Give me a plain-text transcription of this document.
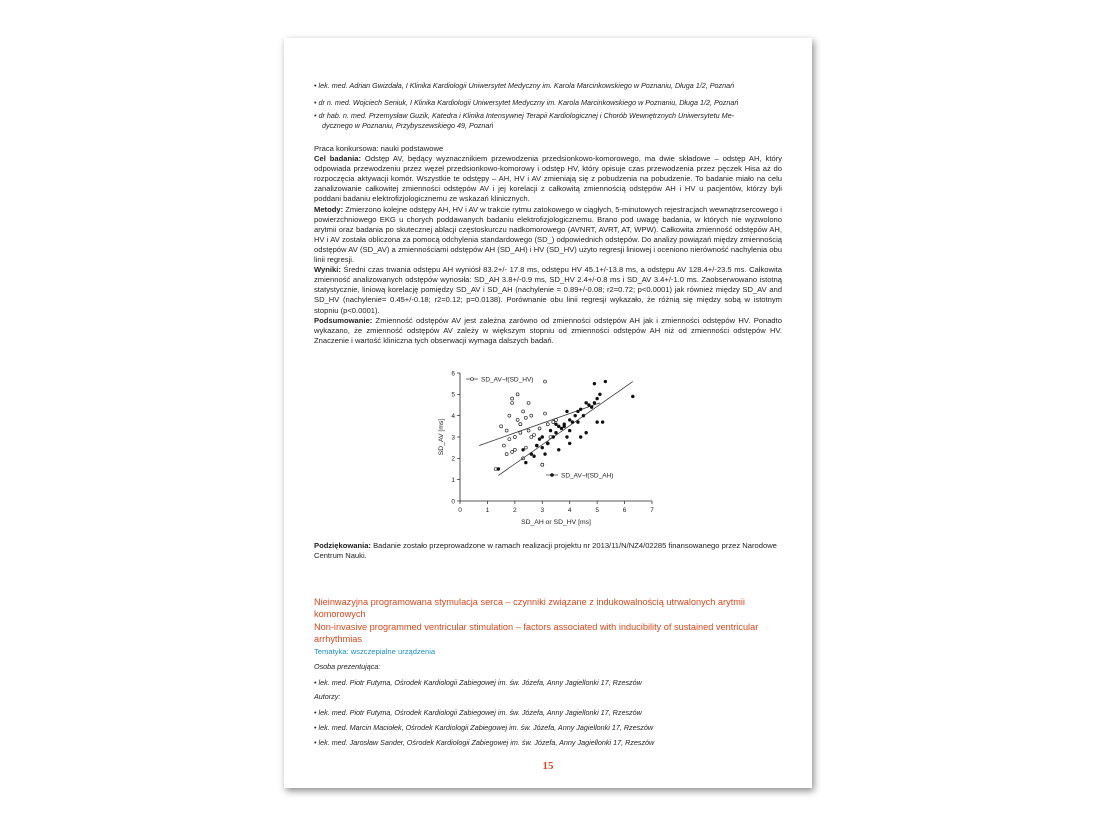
• lek. med. Adrian Gwizdała, I Klinika Kardiologii Uniwersytet Medyczny im. Karola Marcinkowskiego w Poznaniu, Długa 1/2, Poznań
• dr n. med. Wojciech Seniuk, I Klinika Kardiologii Uniwersytet Medyczny im. Karola Marcinkowskiego w Poznaniu, Długa 1/2, Poznań
• dr hab. n. med. Przemysław Guzik, Katedra i Klinika Intensywnej Terapii Kardiologicznej i Chorób Wewnętrznych Uniwersytetu Me-
dycznego w Poznaniu, Przybyszewskiego 49, Poznań

Praca konkursowa: nauki podstawowe

Cel badania: Odstęp AV, będący wyznacznikiem przewodzenia przedsionkowo-komorowego, ma dwie składowe – odstęp AH, który odpowiada przewodzeniu przez węzeł przedsionkowo-komorowy i odstęp HV, który opisuje czas przewodzenia przez pęczek Hisa aż do rozpoczęcia aktywacji komór. Wszystkie te odstępy – AH, HV i AV zmieniają się z pobudzenia na pobudzenie. To badanie miało na celu zanalizowanie całkowitej zmienności odstępów AV i jej korelacji z całkowitą zmiennością odstępów AH i HV u pacjentów, którzy byli poddani badaniu elektrofizjologicznemu ze wskazań klinicznych.

Metody: Zmierzono kolejne odstępy AH, HV i AV w trakcie rytmu zatokowego w ciągłych, 5-minutowych rejestracjach wewnątrzsercowego i powierzchniowego EKG u chorych poddawanych badaniu elektrofizjologicznemu. Brano pod uwagę badania, w których nie wyzwolono arytmii oraz badania po skutecznej ablacji częstoskurczu nadkomorowego (AVNRT, AVRT, AT, WPW). Całkowita zmienność odstępów AH, HV i AV została obliczona za pomocą odchylenia standardowego (SD_) odpowiednich odstępów. Do analizy powiązań między zmiennością odstępów AV (SD_AV) a zmiennościami odstępów AH (SD_AH) i HV (SD_HV) użyto regresji liniowej i oceniono nierówność nachylenia obu linii regresji.

Wyniki: Średni czas trwania odstępu AH wyniósł 83.2+/- 17.8 ms, odstępu HV 45.1+/-13.8 ms, a odstępu AV 128.4+/-23.5 ms. Całkowita zmienność analizowanych odstępów wynosiła: SD_AH 3.8+/-0.9 ms, SD_HV 2.4+/-0.8 ms i SD_AV 3.4+/-1.0 ms. Zaobserwowano istotną statystycznie, liniową korelację pomiędzy SD_AV i SD_AH (nachylenie = 0.89+/-0.08; r2=0.72; p<0.0001) jak również między SD_AV and SD_HV (nachylenie= 0.45+/-0.18; r2=0.12; p=0.0138). Porównanie obu linii regresji wykazało, że różnią się między sobą w istotnym stopniu (p<0.0001).

Podsumowanie: Zmienność odstępów AV jest zależna zarówno od zmienności odstępów AH jak i zmienności odstępów HV. Ponadto wykazano, że zmienność odstępów AV zależy w większym stopniu od zmienności odstępów AH niż od zmienności odstępów HV. Znaczenie i wartość kliniczna tych obserwacji wymaga dalszych badań.

0	1	2	3	4	5	6	7
0
1
2
3
4
5
6
SD_AH or SD_HV [ms]
SD_AV [ms]
SD_AV~f(SD_HV)
SD_AV~f(SD_AH)
Podziękowania: Badanie zostało przeprowadzone w ramach realizacji projektu nr 2013/11/N/NZ4/02285 finansowanego przez Narodowe Centrum Nauki.
Nieinwazyjna programowana stymulacja serca – czynniki związane z indukowalnością utrwalonych arytmii komorowych
Non-invasive programmed ventricular stimulation – factors associated with inducibility of sustained ventricular arrhythmias
Tematyka: wszczepialne urządzenia
Osoba prezentująca:
• lek. med. Piotr Futyma, Ośrodek Kardiologii Zabiegowej im. św. Józefa, Anny Jagiellonki 17, Rzeszów
Autorzy:
• lek. med. Piotr Futyma, Ośrodek Kardiologii Zabiegowej im. św. Józefa, Anny Jagiellonki 17, Rzeszów
• lek. med. Marcin Maciołek, Ośrodek Kardiologii Zabiegowej im. św. Józefa, Anny Jagiellonki 17, Rzeszów
• lek. med. Jarosław Sander, Ośrodek Kardiologii Zabiegowej im. św. Józefa, Anny Jagiellonki 17, Rzeszów
15
